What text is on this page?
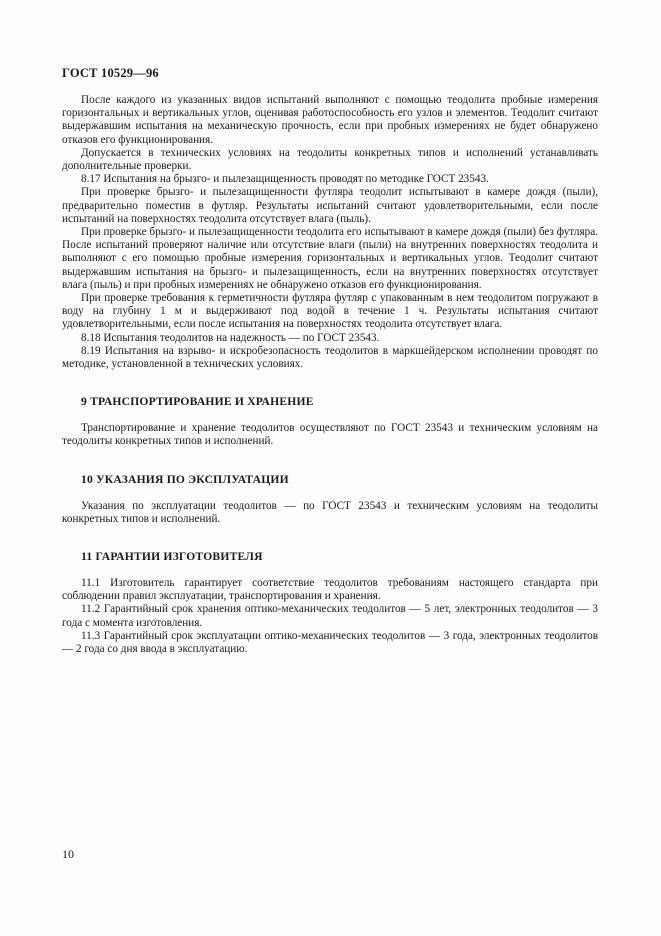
ГОСТ 10529—96

После каждого из указанных видов испытаний выполняют с помощью теодолита пробные измерения горизонтальных и вертикальных углов, оценивая работоспособность его узлов и элементов. Теодолит считают выдержавшим испытания на механическую прочность, если при пробных измерениях не будет обнаружено отказов его функционирования.

Допускается в технических условиях на теодолиты конкретных типов и исполнений устанавливать дополнительные проверки.

8.17 Испытания на брызго- и пылезащищенность проводят по методике ГОСТ 23543.

При проверке брызго- и пылезащищенности футляра теодолит испытывают в камере дождя (пыли), предварительно поместив в футляр. Результаты испытаний считают удовлетворительными, если после испытаний на поверхностях теодолита отсутствует влага (пыль).

При проверке брызго- и пылезащищенности теодолита его испытывают в камере дождя (пыли) без футляра. После испытаний проверяют наличие или отсутствие влаги (пыли) на внутренних поверхностях теодолита и выполняют с его помощью пробные измерения горизонтальных и вертикальных углов. Теодолит считают выдержавшим испытания на брызго- и пылезащищенность, если на внутренних поверхностях отсутствует влага (пыль) и при пробных измерениях не обнаружено отказов его функционирования.

При проверке требования к герметичности футляра футляр с упакованным в нем теодолитом погружают в воду на глубину 1 м и выдерживают под водой в течение 1 ч. Результаты испытания считают удовлетворительными, если после испытания на поверхностях теодолита отсутствует влага.

8.18 Испытания теодолитов на надежность — по ГОСТ 23543.

8.19 Испытания на взрыво- и искробезопасность теодолитов в маркшейдерском исполнении проводят по методике, установленной в технических условиях.

9 ТРАНСПОРТИРОВАНИЕ И ХРАНЕНИЕ

Транспортирование и хранение теодолитов осуществляют по ГОСТ 23543 и техническим условиям на теодолиты конкретных типов и исполнений.

10 УКАЗАНИЯ ПО ЭКСПЛУАТАЦИИ

Указания по эксплуатации теодолитов — по ГОСТ 23543 и техническим условиям на теодолиты конкретных типов и исполнений.

11 ГАРАНТИИ ИЗГОТОВИТЕЛЯ

11.1 Изготовитель гарантирует соответствие теодолитов требованиям настоящего стандарта при соблюдении правил эксплуатации, транспортирования и хранения.

11.2 Гарантийный срок хранения оптико-механических теодолитов — 5 лет, электронных теодолитов — 3 года с момента изготовления.

11.3 Гарантийный срок эксплуатации оптико-механических теодолитов — 3 года, электронных теодолитов — 2 года со дня ввода в эксплуатацию.

10
